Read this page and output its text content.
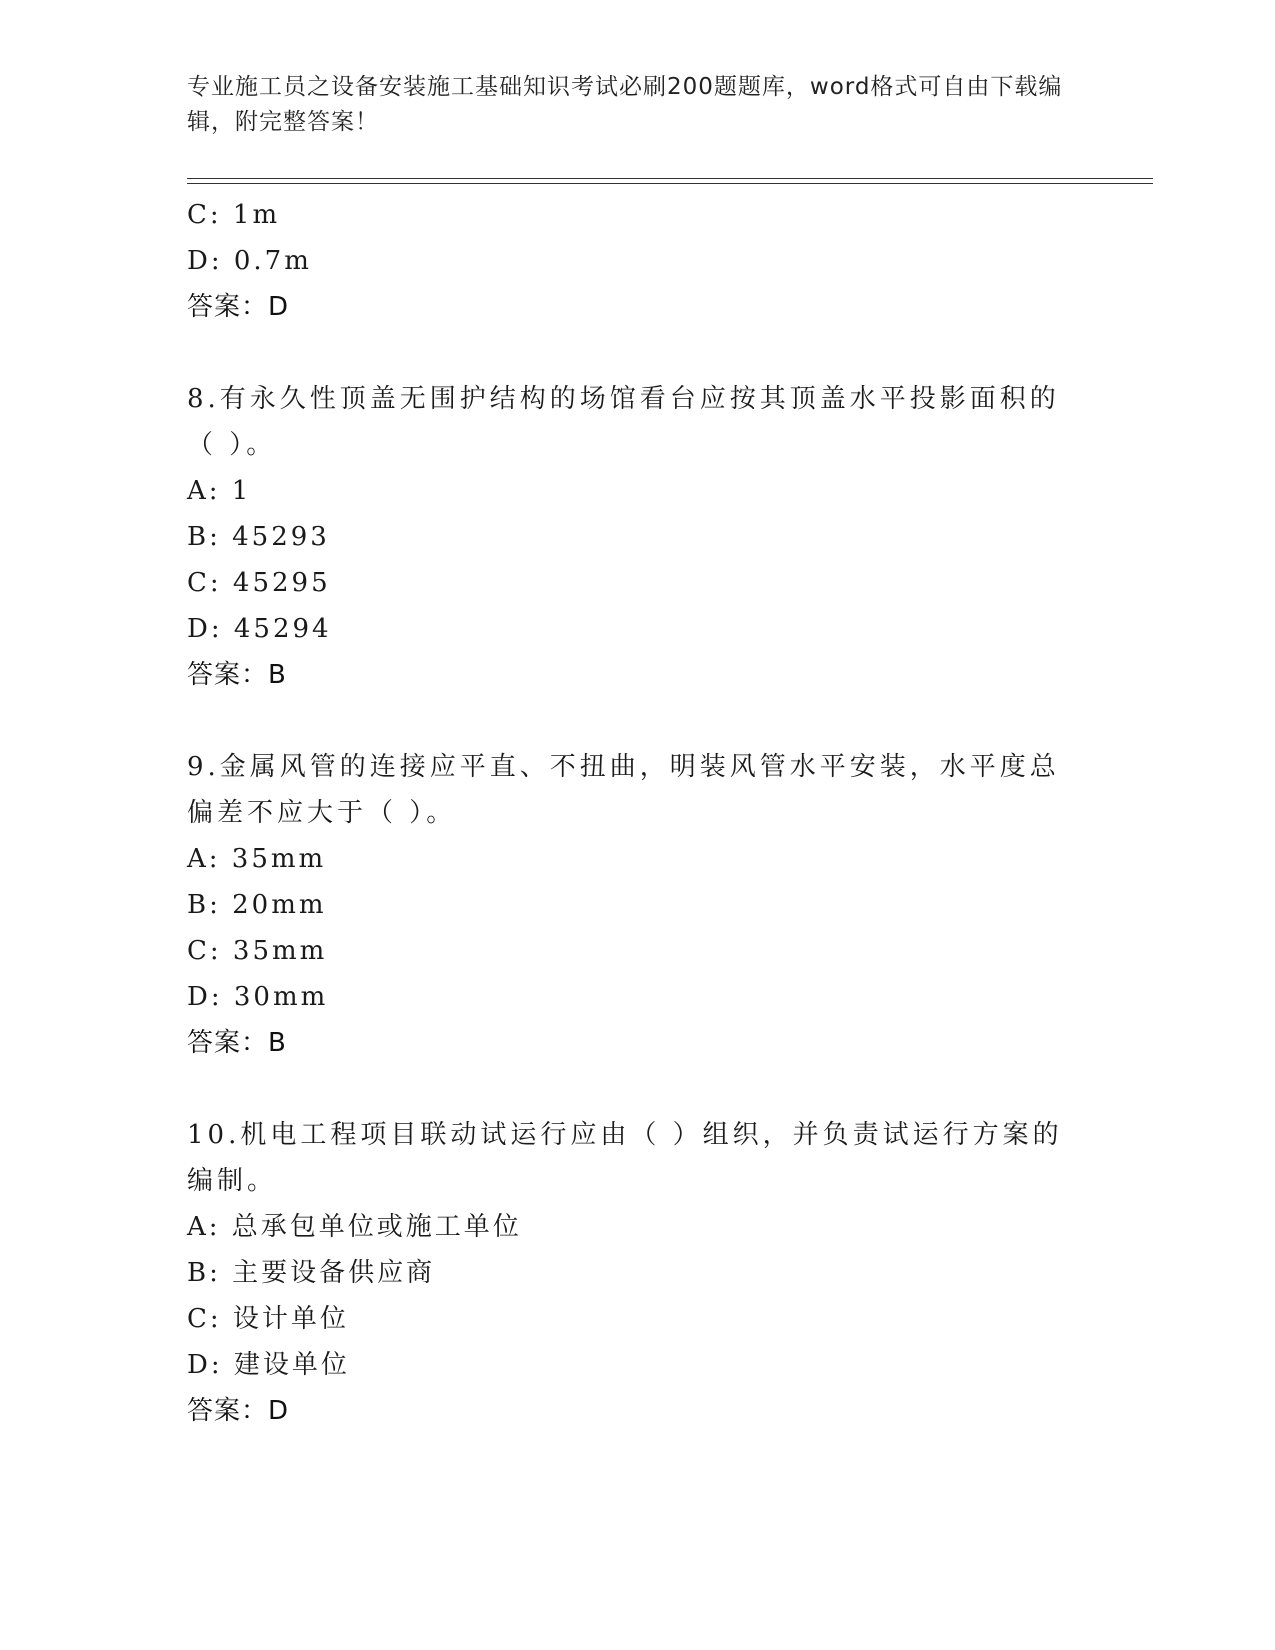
专业施工员之设备安装施工基础知识考试必刷200题题库，word格式可自由下载编辑，附完整答案！
C: 1m
D: 0.7m
答案：D
8.有永久性顶盖无围护结构的场馆看台应按其顶盖水平投影面积的（ ）。
A: 1
B: 45293
C: 45295
D: 45294
答案：B
9.金属风管的连接应平直、不扭曲，明装风管水平安装，水平度总偏差不应大于（ ）。
A: 35mm
B: 20mm
C: 35mm
D: 30mm
答案：B
10.机电工程项目联动试运行应由（ ）组织，并负责试运行方案的编制。
A: 总承包单位或施工单位
B: 主要设备供应商
C: 设计单位
D: 建设单位
答案：D
